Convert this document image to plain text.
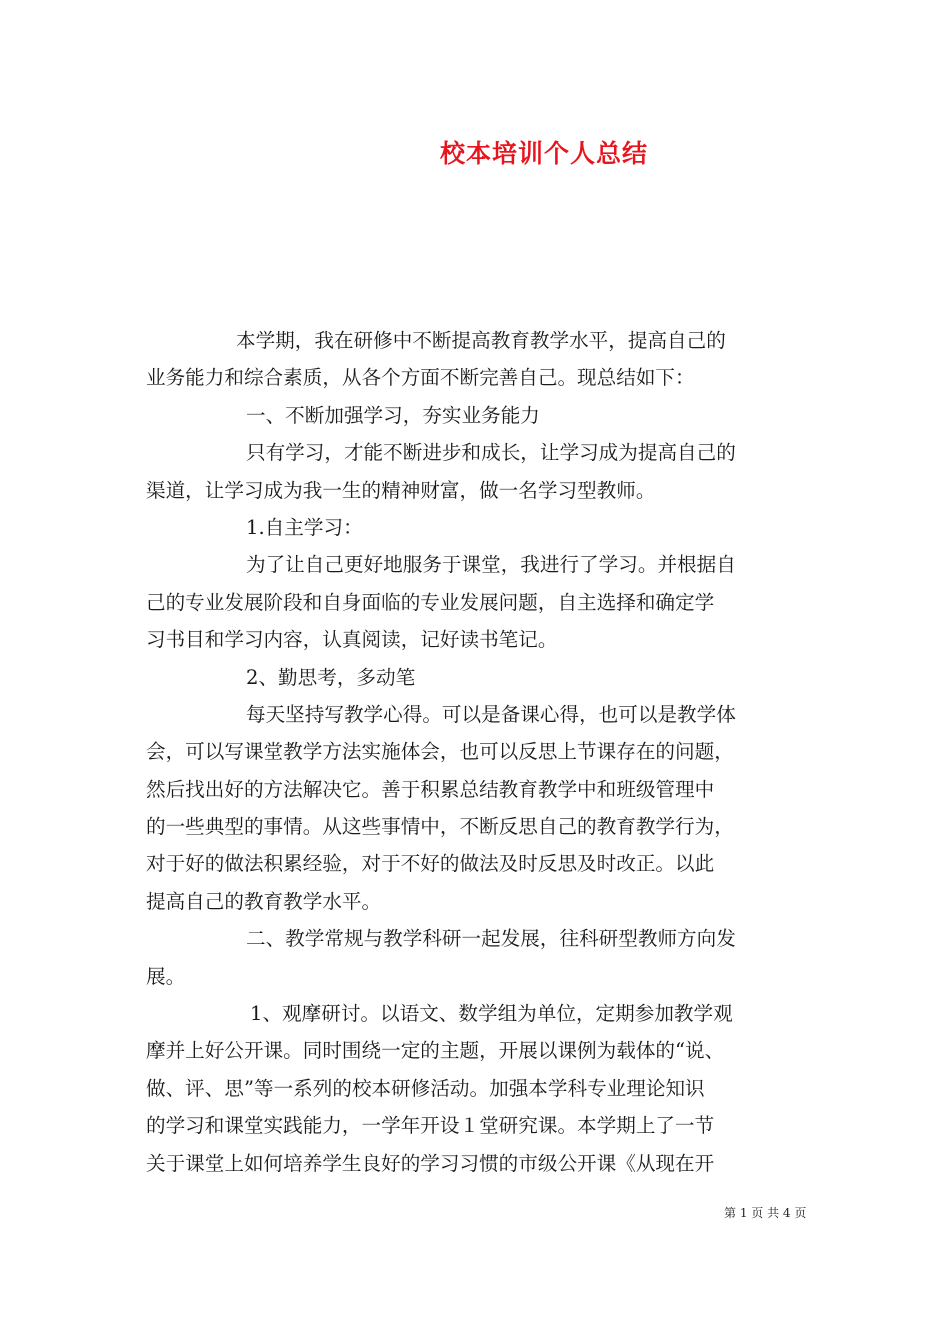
校本培训个人总结
本学期，我在研修中不断提高教育教学水平，提高自己的
业务能力和综合素质，从各个方面不断完善自己。现总结如下：
一、不断加强学习，夯实业务能力
只有学习，才能不断进步和成长，让学习成为提高自己的
渠道，让学习成为我一生的精神财富，做一名学习型教师。
1.自主学习：
为了让自己更好地服务于课堂，我进行了学习。并根据自
己的专业发展阶段和自身面临的专业发展问题，自主选择和确定学
习书目和学习内容，认真阅读，记好读书笔记。
2、勤思考，多动笔
每天坚持写教学心得。可以是备课心得，也可以是教学体
会，可以写课堂教学方法实施体会，也可以反思上节课存在的问题，
然后找出好的方法解决它。善于积累总结教育教学中和班级管理中
的一些典型的事情。从这些事情中，不断反思自己的教育教学行为，
对于好的做法积累经验，对于不好的做法及时反思及时改正。以此
提高自己的教育教学水平。
二、教学常规与教学科研一起发展，往科研型教师方向发
展。
1、观摩研讨。以语文、数学组为单位，定期参加教学观
摩并上好公开课。同时围绕一定的主题，开展以课例为载体的“说、
做、评、思”等一系列的校本研修活动。加强本学科专业理论知识
的学习和课堂实践能力，一学年开设１堂研究课。本学期上了一节
关于课堂上如何培养学生良好的学习习惯的市级公开课《从现在开
第 1 页 共 4 页
